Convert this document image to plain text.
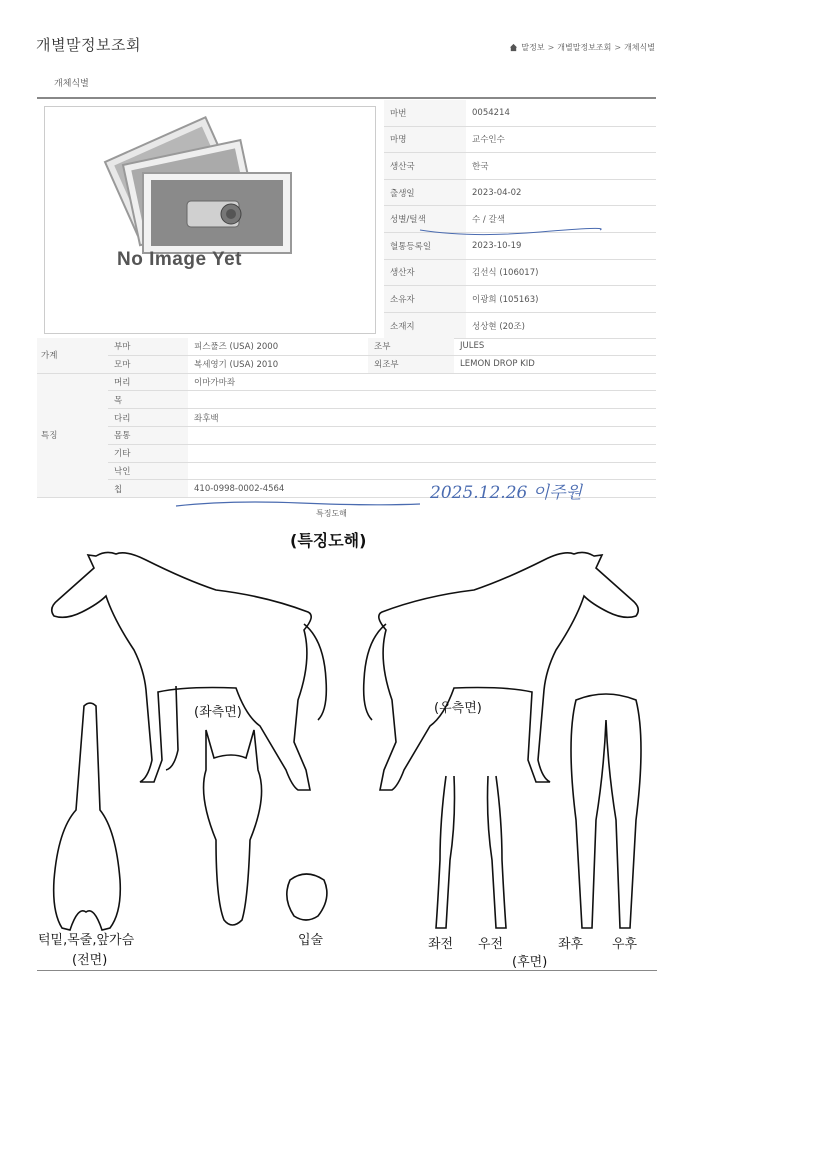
개별말정보조회	말정보 > 개별말정보조회 > 개체식별
개체식별
No Image Yet
마번	0054214
마명	교수인수
생산국	한국
출생일	2023-04-02
성별/털색	수 / 갈색
혈통등록일	2023-10-19
생산자	김선식 (106017)
소유자	이광희 (105163)
소재지	성상현 (20조)
가계	부마	피스풀즈 (USA) 2000	조부	JULES
	모마	복세영기 (USA) 2010	외조부	LEMON DROP KID
특징	머리	이마가마좌		
	목			
	다리	좌후백		
	몸통			
	기타			
	낙인			
	칩	410-0998-0002-4564			2025.12.26 이주원
특징도해
(특징도해)
(좌측면)	(우측면)
턱밑,목줄,앞가슴
(전면)
입술	좌전 우전
(후면)
좌후 우후
